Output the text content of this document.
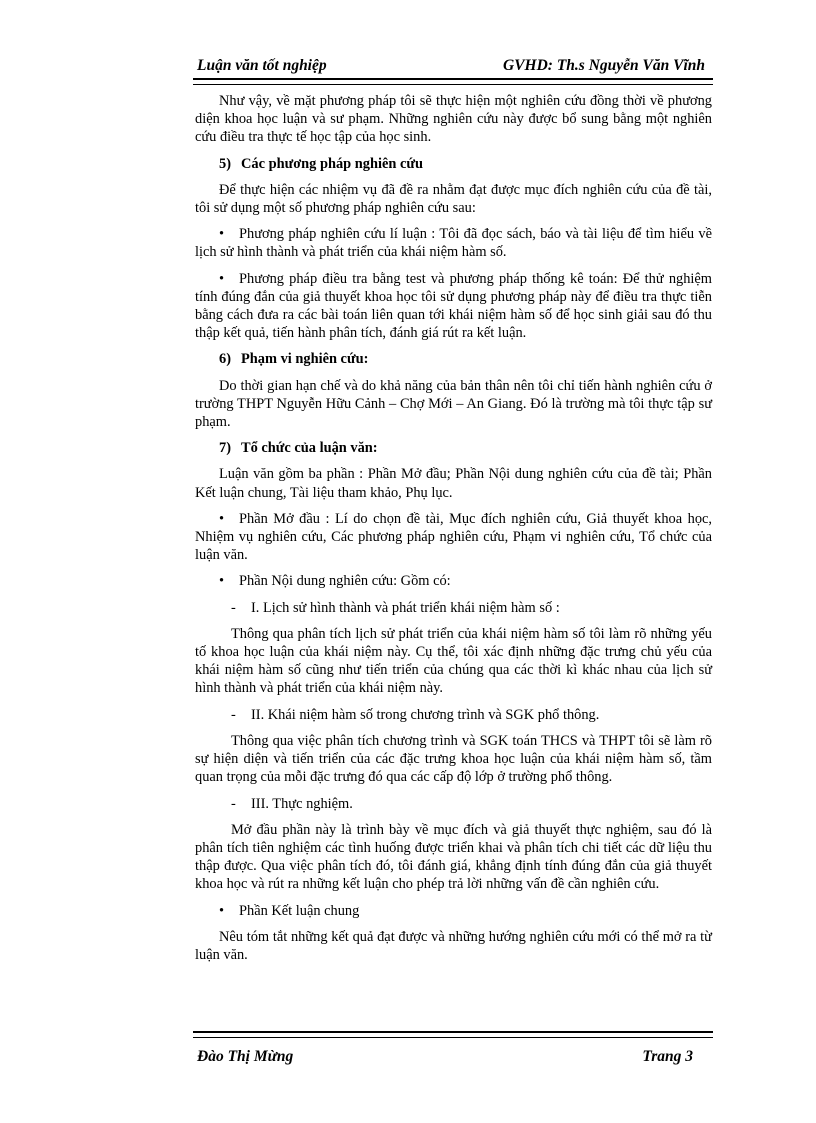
Luận văn tốt nghiệp	GVHD: Th.s Nguyễn Văn Vĩnh

Như vậy, về mặt phương pháp tôi sẽ thực hiện một nghiên cứu đồng thời về phương diện khoa học luận và sư phạm. Những nghiên cứu này được bổ sung bằng một nghiên cứu điều tra thực tế học tập của học sinh.

5) Các phương pháp nghiên cứu

Để thực hiện các nhiệm vụ đã đề ra nhằm đạt được mục đích nghiên cứu của đề tài, tôi sử dụng một số phương pháp nghiên cứu sau:

• Phương pháp nghiên cứu lí luận : Tôi đã đọc sách, báo và tài liệu để tìm hiểu về lịch sử hình thành và phát triển của khái niệm hàm số.

• Phương pháp điều tra bằng test và phương pháp thống kê toán: Để thử nghiệm tính đúng đắn của giả thuyết khoa học tôi sử dụng phương pháp này để điều tra thực tiễn bằng cách đưa ra các bài toán liên quan tới khái niệm hàm số để học sinh giải sau đó thu thập kết quả, tiến hành phân tích, đánh giá rút ra kết luận.

6) Phạm vi nghiên cứu:

Do thời gian hạn chế và do khả năng của bản thân nên tôi chỉ tiến hành nghiên cứu ở trường THPT Nguyễn Hữu Cảnh – Chợ Mới – An Giang. Đó là trường mà tôi thực tập sư phạm.

7) Tổ chức của luận văn:

Luận văn gồm ba phần : Phần Mở đầu; Phần Nội dung nghiên cứu của đề tài; Phần Kết luận chung, Tài liệu tham khảo, Phụ lục.

• Phần Mở đầu : Lí do chọn đề tài, Mục đích nghiên cứu, Giả thuyết khoa học, Nhiệm vụ nghiên cứu, Các phương pháp nghiên cứu, Phạm vi nghiên cứu, Tổ chức của luận văn.

• Phần Nội dung nghiên cứu: Gồm có:

- I. Lịch sử hình thành và phát triển khái niệm hàm số :

Thông qua phân tích lịch sử phát triển của khái niệm hàm số tôi làm rõ những yếu tố khoa học luận của khái niệm này. Cụ thể, tôi xác định những đặc trưng chủ yếu của khái niệm hàm số cũng như tiến triển của chúng qua các thời kì khác nhau của lịch sử hình thành và phát triển của khái niệm này.

- II. Khái niệm hàm số trong chương trình và SGK phổ thông.

Thông qua việc phân tích chương trình và SGK toán THCS và THPT tôi sẽ làm rõ sự hiện diện và tiến triển của các đặc trưng khoa học luận của khái niệm hàm số, tầm quan trọng của mỗi đặc trưng đó qua các cấp độ lớp ở trường phổ thông.

- III. Thực nghiệm.

Mở đầu phần này là trình bày về mục đích và giả thuyết thực nghiệm, sau đó là phân tích tiên nghiệm các tình huống được triển khai và phân tích chi tiết các dữ liệu thu thập được. Qua việc phân tích đó, tôi đánh giá, khẳng định tính đúng đắn của giả thuyết khoa học và rút ra những kết luận cho phép trả lời những vấn đề cần nghiên cứu.

• Phần Kết luận chung

Nêu tóm tắt những kết quả đạt được và những hướng nghiên cứu mới có thể mở ra từ luận văn.

Đào Thị Mừng	Trang 3
